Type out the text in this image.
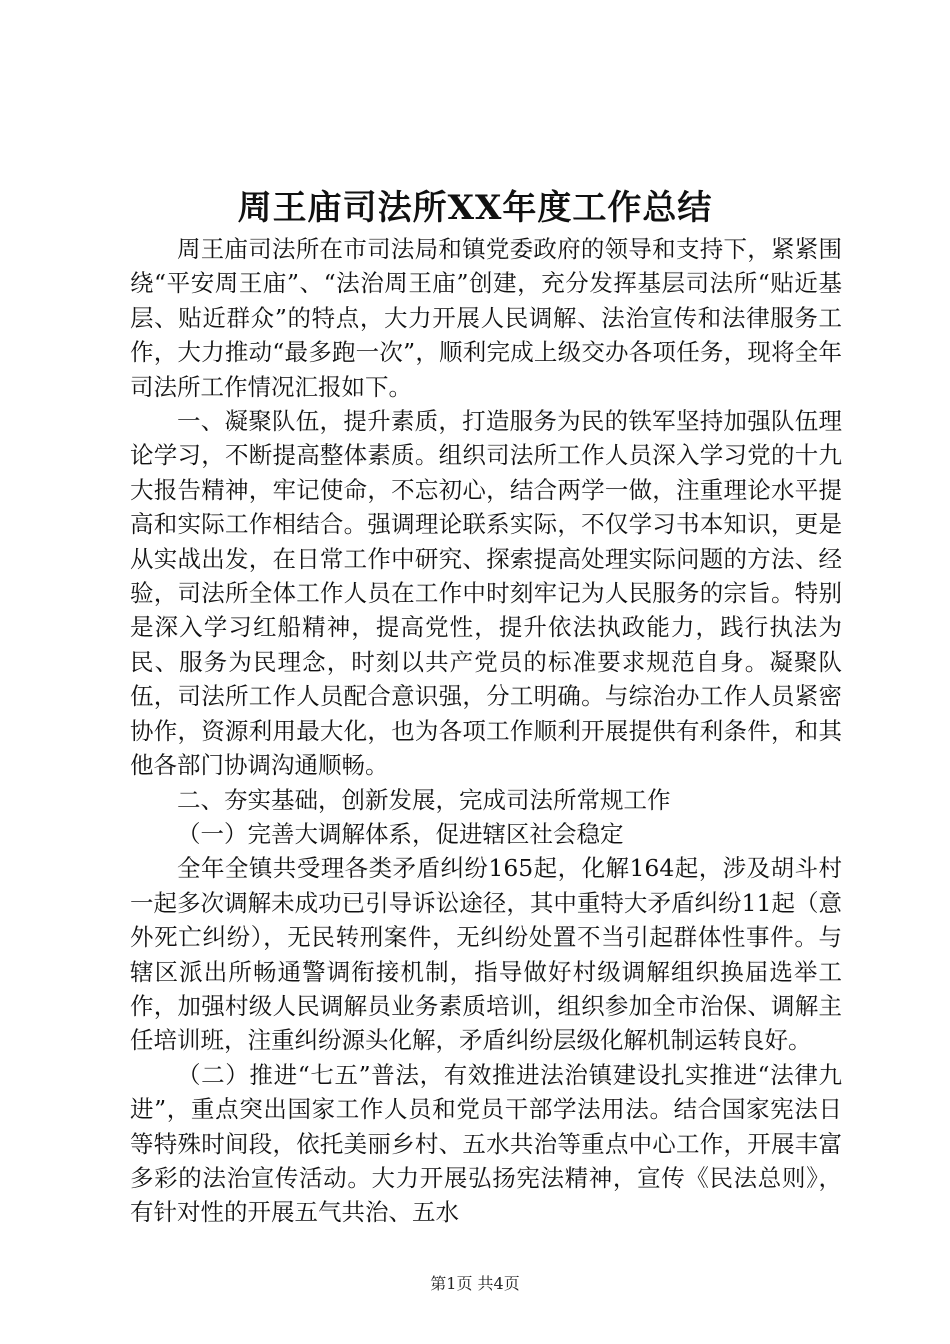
周王庙司法所XX年度工作总结

周王庙司法所在市司法局和镇党委政府的领导和支持下，紧紧围绕“平安周王庙”、“法治周王庙”创建，充分发挥基层司法所“贴近基层、贴近群众”的特点，大力开展人民调解、法治宣传和法律服务工作，大力推动“最多跑一次”，顺利完成上级交办各项任务，现将全年司法所工作情况汇报如下。

一、凝聚队伍，提升素质，打造服务为民的铁军坚持加强队伍理论学习，不断提高整体素质。组织司法所工作人员深入学习党的十九大报告精神，牢记使命，不忘初心，结合两学一做，注重理论水平提高和实际工作相结合。强调理论联系实际，不仅学习书本知识，更是从实战出发，在日常工作中研究、探索提高处理实际问题的方法、经验，司法所全体工作人员在工作中时刻牢记为人民服务的宗旨。特别是深入学习红船精神，提高党性，提升依法执政能力，践行执法为民、服务为民理念，时刻以共产党员的标准要求规范自身。凝聚队伍，司法所工作人员配合意识强，分工明确。与综治办工作人员紧密协作，资源利用最大化，也为各项工作顺利开展提供有利条件，和其他各部门协调沟通顺畅。

二、夯实基础，创新发展，完成司法所常规工作

（一）完善大调解体系，促进辖区社会稳定

全年全镇共受理各类矛盾纠纷165起，化解164起，涉及胡斗村一起多次调解未成功已引导诉讼途径，其中重特大矛盾纠纷11起（意外死亡纠纷），无民转刑案件，无纠纷处置不当引起群体性事件。与辖区派出所畅通警调衔接机制，指导做好村级调解组织换届选举工作，加强村级人民调解员业务素质培训，组织参加全市治保、调解主任培训班，注重纠纷源头化解，矛盾纠纷层级化解机制运转良好。

（二）推进“七五”普法，有效推进法治镇建设扎实推进“法律九进”，重点突出国家工作人员和党员干部学法用法。结合国家宪法日等特殊时间段，依托美丽乡村、五水共治等重点中心工作，开展丰富多彩的法治宣传活动。大力开展弘扬宪法精神，宣传《民法总则》，有针对性的开展五气共治、五水

第1页 共4页
